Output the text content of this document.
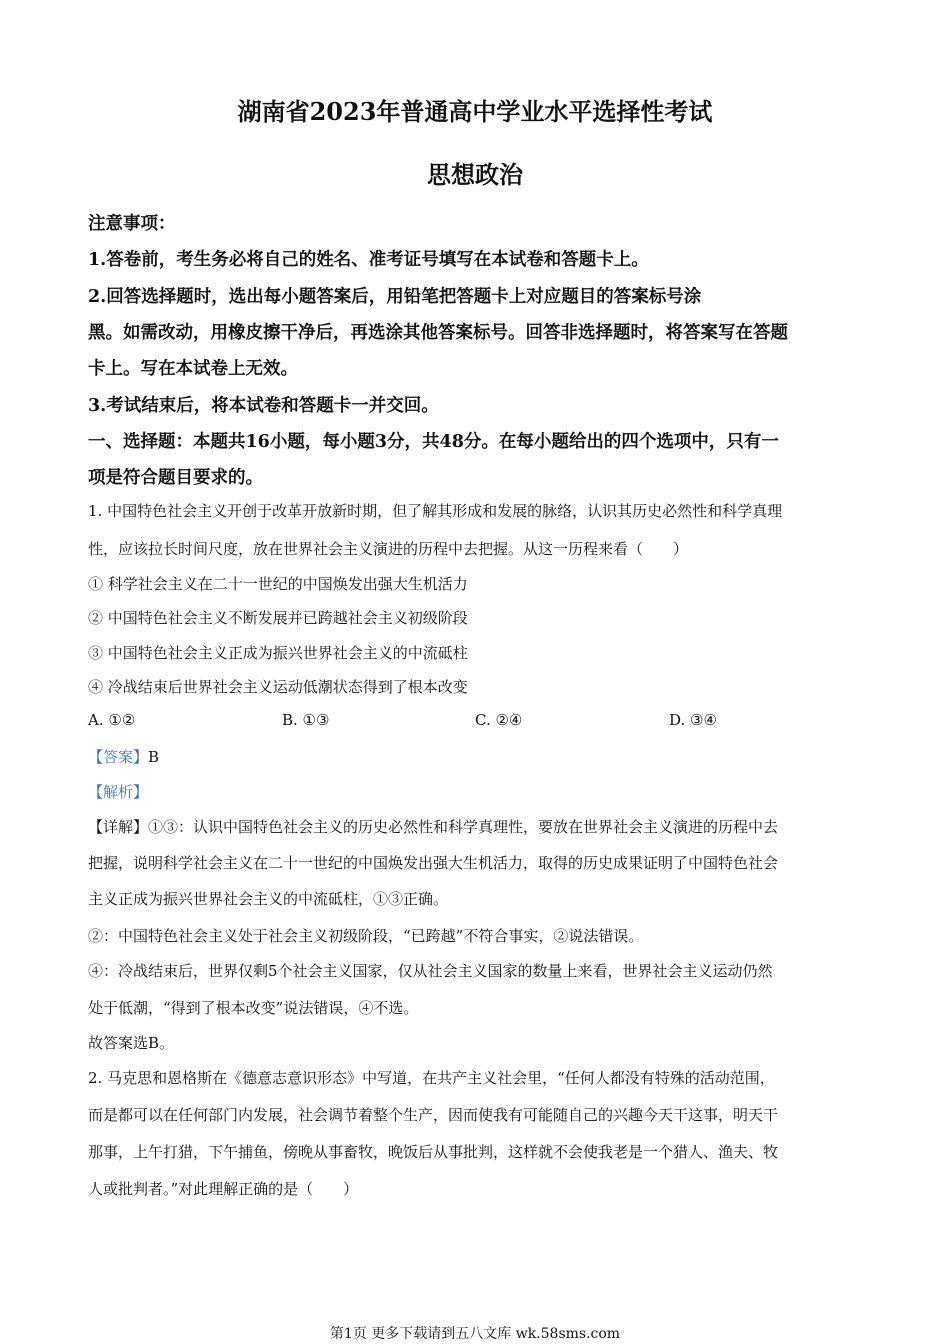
湖南省2023年普通高中学业水平选择性考试
思想政治
注意事项：
1.答卷前，考生务必将自己的姓名、准考证号填写在本试卷和答题卡上。
2.回答选择题时，选出每小题答案后，用铅笔把答题卡上对应题目的答案标号涂
黑。如需改动，用橡皮擦干净后，再选涂其他答案标号。回答非选择题时，将答案写在答题
卡上。写在本试卷上无效。
3.考试结束后，将本试卷和答题卡一并交回。
一、选择题：本题共16小题，每小题3分，共48分。在每小题给出的四个选项中，只有一
项是符合题目要求的。
1. 中国特色社会主义开创于改革开放新时期，但了解其形成和发展的脉络，认识其历史必然性和科学真理
性，应该拉长时间尺度，放在世界社会主义演进的历程中去把握。从这一历程来看（　　）
① 科学社会主义在二十一世纪的中国焕发出强大生机活力
② 中国特色社会主义不断发展并已跨越社会主义初级阶段
③ 中国特色社会主义正成为振兴世界社会主义的中流砥柱
④ 冷战结束后世界社会主义运动低潮状态得到了根本改变
A. ①②	B. ①③	C. ②④	D. ③④
【答案】B
【解析】
【详解】①③：认识中国特色社会主义的历史必然性和科学真理性，要放在世界社会主义演进的历程中去
把握，说明科学社会主义在二十一世纪的中国焕发出强大生机活力，取得的历史成果证明了中国特色社会
主义正成为振兴世界社会主义的中流砥柱，①③正确。
②：中国特色社会主义处于社会主义初级阶段，“已跨越”不符合事实，②说法错误。
④：冷战结束后，世界仅剩5个社会主义国家，仅从社会主义国家的数量上来看，世界社会主义运动仍然
处于低潮，“得到了根本改变”说法错误，④不选。
故答案选B。
2. 马克思和恩格斯在《德意志意识形态》中写道，在共产主义社会里，“任何人都没有特殊的活动范围，
而是都可以在任何部门内发展，社会调节着整个生产，因而使我有可能随自己的兴趣今天干这事，明天干
那事，上午打猎，下午捕鱼，傍晚从事畜牧，晚饭后从事批判，这样就不会使我老是一个猎人、渔夫、牧
人或批判者。”对此理解正确的是（　　）
第1页 更多下载请到五八文库 wk.58sms.com
